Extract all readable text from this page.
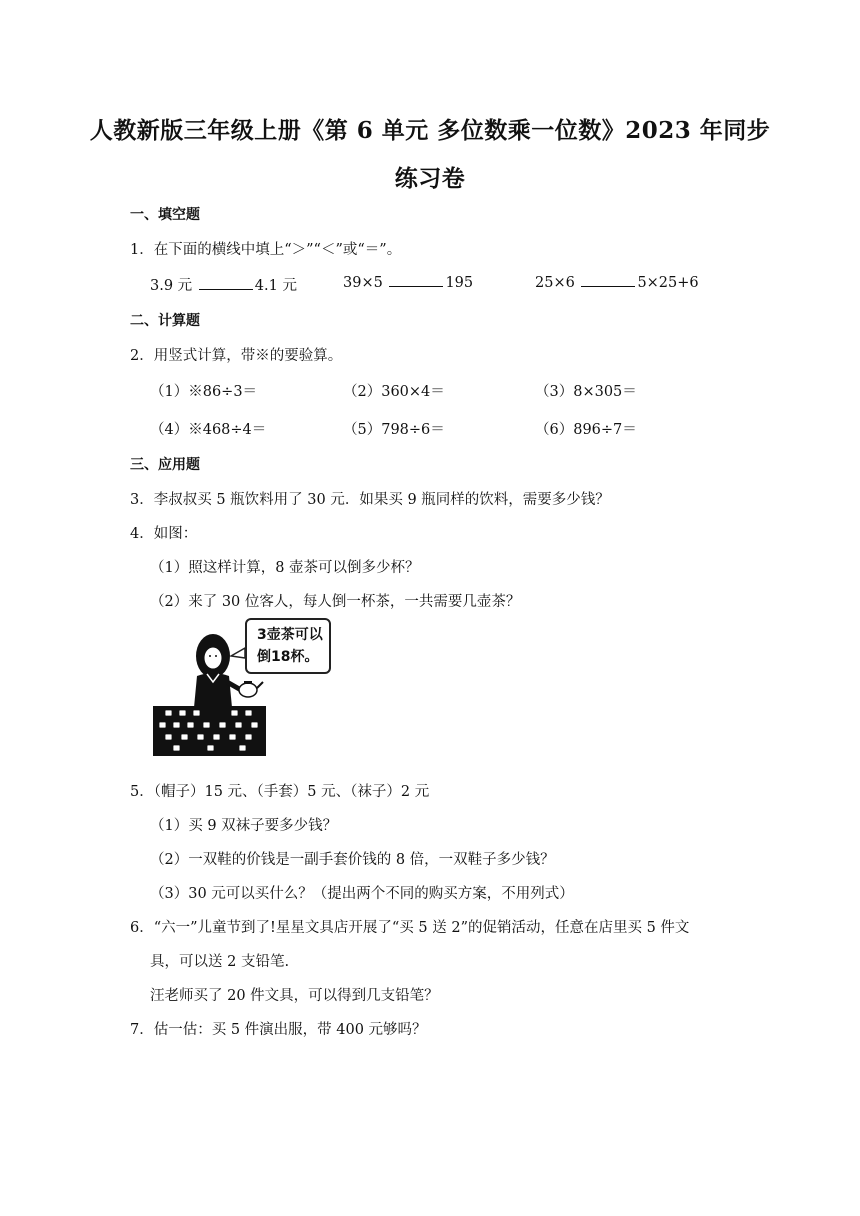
人教新版三年级上册《第 6 单元 多位数乘一位数》2023 年同步
练习卷
一、填空题
1．在下面的横线中填上“＞”“＜”或“＝”。
3.9 元	4.1 元	39×5	195	25×6	5×25+6
二、计算题
2．用竖式计算，带※的要验算。
（1）※86÷3＝	（2）360×4＝	（3）8×305＝
（4）※468÷4＝	（5）798÷6＝	（6）896÷7＝
三、应用题
3．李叔叔买 5 瓶饮料用了 30 元．如果买 9 瓶同样的饮料，需要多少钱？
4．如图：
（1）照这样计算，8 壶茶可以倒多少杯？
（2）来了 30 位客人，每人倒一杯茶，一共需要几壶茶？
3壶茶可以
倒18杯。
5．（帽子）15 元、（手套）5 元、（袜子）2 元
（1）买 9 双袜子要多少钱？
（2）一双鞋的价钱是一副手套价钱的 8 倍，一双鞋子多少钱？
（3）30 元可以买什么？（提出两个不同的购买方案，不用列式）
6．“六一”儿童节到了!星星文具店开展了“买 5 送 2”的促销活动，任意在店里买 5 件文
具，可以送 2 支铅笔.
汪老师买了 20 件文具，可以得到几支铅笔？
7．估一估：买 5 件演出服，带 400 元够吗？
